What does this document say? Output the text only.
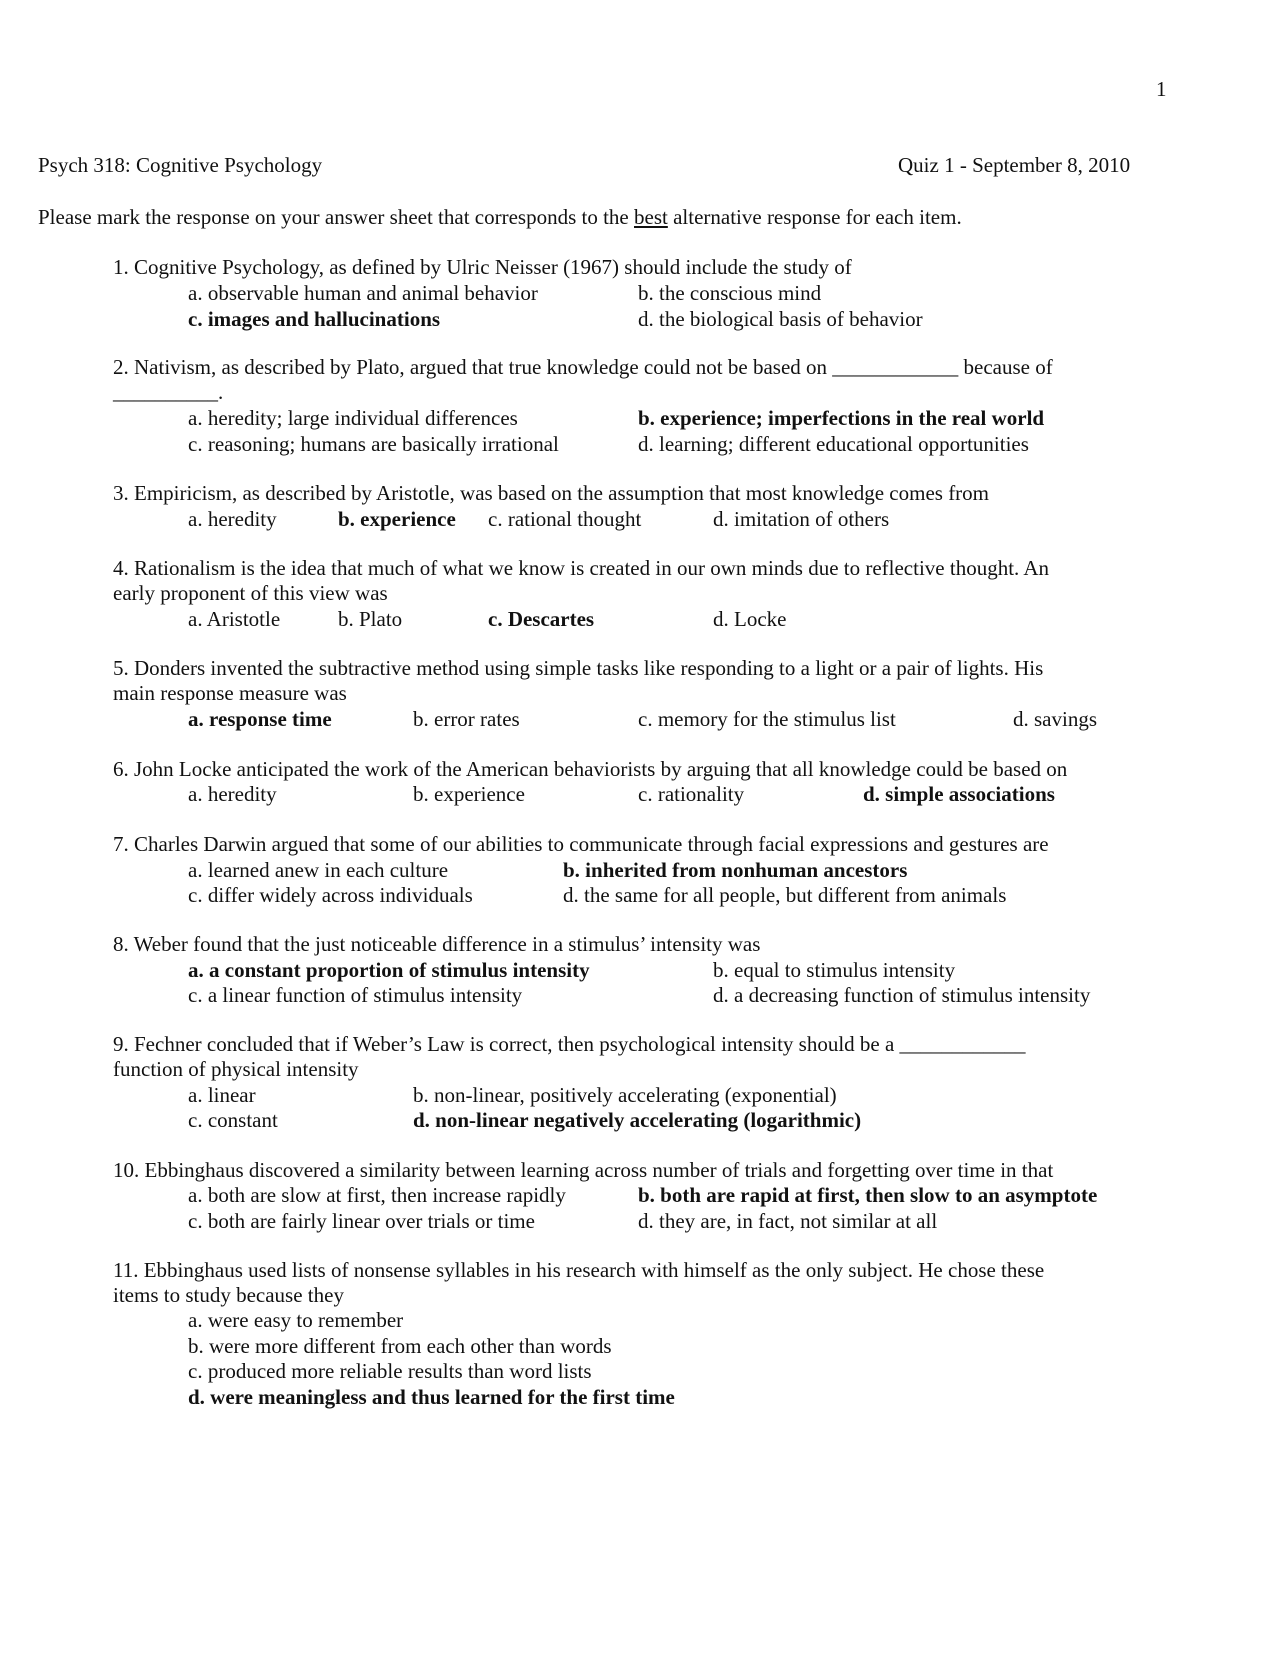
1
Psych 318: Cognitive Psychology	Quiz 1 - September 8, 2010
Please mark the response on your answer sheet that corresponds to the best alternative response for each item.
1. Cognitive Psychology, as defined by Ulric Neisser (1967) should include the study of
a. observable human and animal behavior	b. the conscious mind
c. images and hallucinations	d. the biological basis of behavior
2. Nativism, as described by Plato, argued that true knowledge could not be based on ____________ because of
__________.
a. heredity; large individual differences	b. experience; imperfections in the real world
c. reasoning; humans are basically irrational	d. learning; different educational opportunities
3. Empiricism, as described by Aristotle, was based on the assumption that most knowledge comes from
a. heredity	b. experience c. rational thought	d. imitation of others
4. Rationalism is the idea that much of what we know is created in our own minds due to reflective thought. An
early proponent of this view was
a. Aristotle	b. Plato	c. Descartes	d. Locke
5. Donders invented the subtractive method using simple tasks like responding to a light or a pair of lights. His
main response measure was
a. response time	b. error rates	c. memory for the stimulus list	d. savings
6. John Locke anticipated the work of the American behaviorists by arguing that all knowledge could be based on
a. heredity	b. experience	c. rationality	d. simple associations
7. Charles Darwin argued that some of our abilities to communicate through facial expressions and gestures are
a. learned anew in each culture	b. inherited from nonhuman ancestors
c. differ widely across individuals	d. the same for all people, but different from animals
8. Weber found that the just noticeable difference in a stimulus’ intensity was
a. a constant proportion of stimulus intensity	b. equal to stimulus intensity
c. a linear function of stimulus intensity	d. a decreasing function of stimulus intensity
9. Fechner concluded that if Weber’s Law is correct, then psychological intensity should be a ____________
function of physical intensity
a. linear	b. non-linear, positively accelerating (exponential)
c. constant	d. non-linear negatively accelerating (logarithmic)
10. Ebbinghaus discovered a similarity between learning across number of trials and forgetting over time in that
a. both are slow at first, then increase rapidly	b. both are rapid at first, then slow to an asymptote
c. both are fairly linear over trials or time	d. they are, in fact, not similar at all
11. Ebbinghaus used lists of nonsense syllables in his research with himself as the only subject. He chose these
items to study because they
a. were easy to remember
b. were more different from each other than words
c. produced more reliable results than word lists
d. were meaningless and thus learned for the first time
